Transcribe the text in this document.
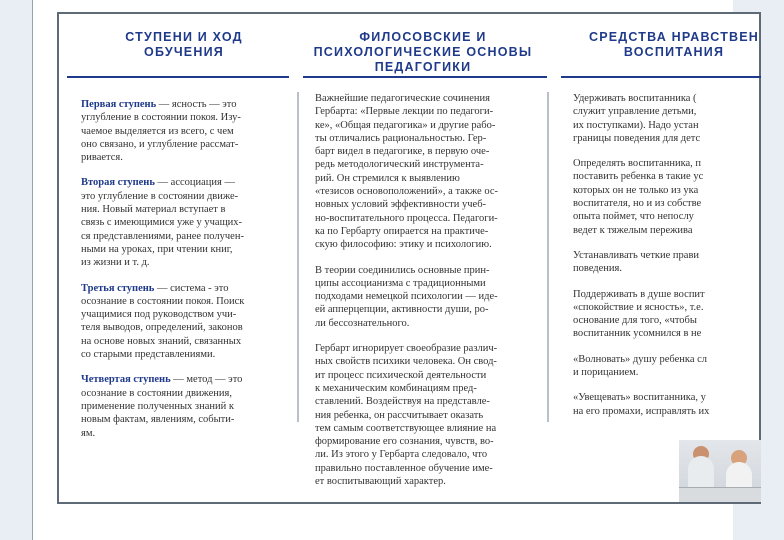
СТУПЕНИ И ХОД
ОБУЧЕНИЯ
ФИЛОСОВСКИЕ И
ПСИХОЛОГИЧЕСКИЕ ОСНОВЫ
ПЕДАГОГИКИ
СРЕДСТВА НРАВСТВЕН
ВОСПИТАНИЯ

Первая ступень — ясность — это
углубление в состоянии покоя. Изу-
чаемое выделяется из всего, с чем
оно связано, и углубление рассмат-
ривается.

Вторая ступень — ассоциация —
это углубление в состоянии движе-
ния. Новый материал вступает в
связь с имеющимися уже у учащих-
ся представлениями, ранее получен-
ными на уроках, при чтении книг,
из жизни и т. д.

Третья ступень — система - это
осознание в состоянии покоя. Поиск
учащимися под руководством учи-
теля выводов, определений, законов
на основе новых знаний, связанных
со старыми представлениями.

Четвертая ступень — метод — это
осознание в состоянии движения,
применение полученных знаний к
новым фактам, явлениям, событи-
ям.

Важнейшие педагогические сочинения
Гербарта: «Первые лекции по педагоги-
ке», «Общая педагогика» и другие рабо-
ты отличались рациональностью. Гер-
барт видел в педагогике, в первую оче-
редь методологический инструмента-
рий. Он стремился к выявлению
«тезисов основоположений», а также ос-
новных условий эффективности учеб-
но-воспитательного процесса. Педагоги-
ка по Гербарту опирается на практиче-
скую философию: этику и психологию.

В теории соединились основные прин-
ципы ассоцианизма с традиционными
подходами немецкой психологии — иде-
ей апперцепции, активности души, ро-
ли бессознательного.

Гербарт игнорирует своеобразие различ-
ных свойств психики человека. Он свод-
ит процесс психической деятельности
к механическим комбинациям пред-
ставлений. Воздействуя на представле-
ния ребенка, он рассчитывает оказать
тем самым соответствующее влияние на
формирование его сознания, чувств, во-
ли. Из этого у Гербарта следовало, что
правильно поставленное обучение име-
ет воспитывающий характер.

Удерживать воспитанника (
служит управление детьми,
их поступками). Надо устан
границы поведения для детс

Определять воспитанника, п
поставить ребенка в такие ус
которых он не только из ука
воспитателя, но и из собстве
опыта поймет, что непослу
ведет к тяжелым пережива

Устанавливать четкие прави
поведения.

Поддерживать в душе воспит
«спокойствие и ясность», т.е.
основание для того, «чтобы
воспитанник усомнился в не

«Волновать» душу ребенка сл
и порицанием.

«Увещевать» воспитанника, у
на его промахи, исправлять их
